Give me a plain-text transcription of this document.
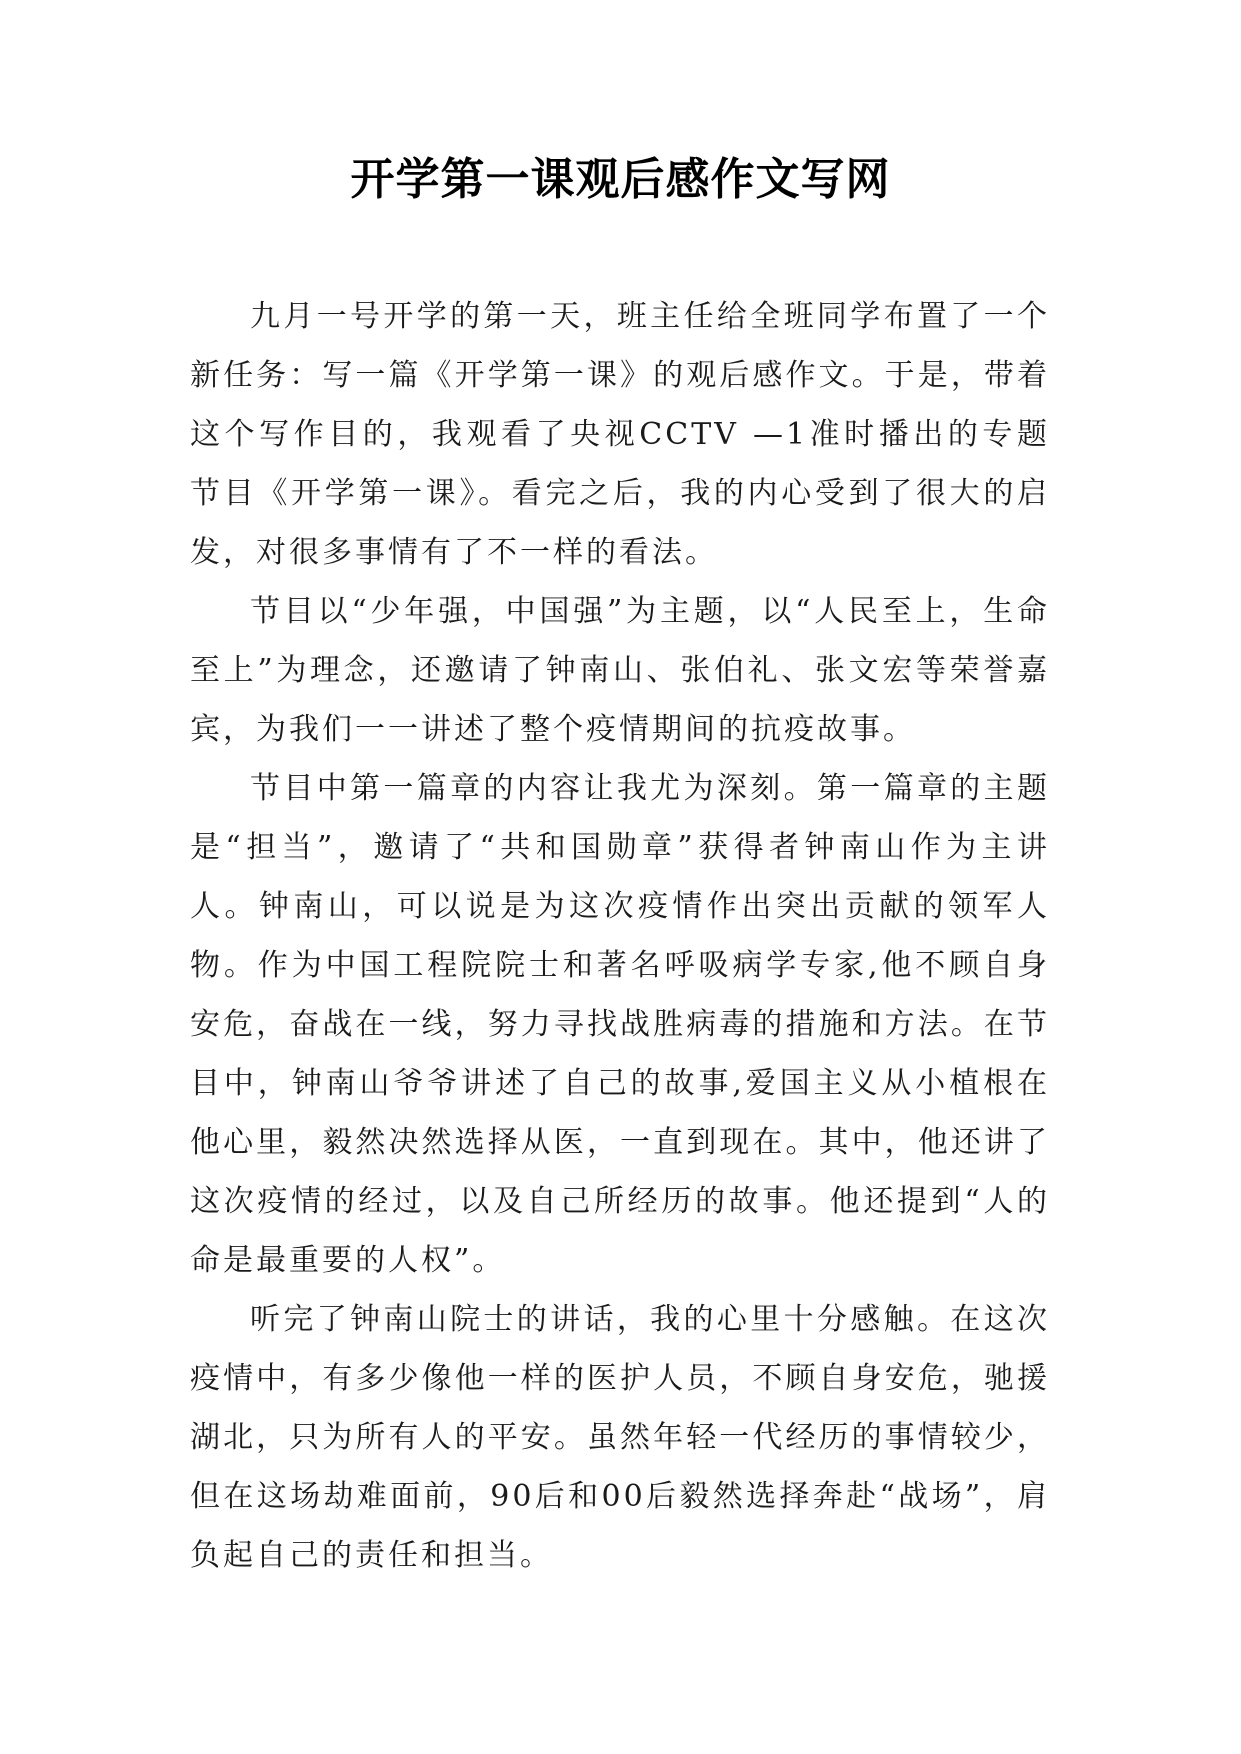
开学第一课观后感作文写网

九月一号开学的第一天，班主任给全班同学布置了一个新任务：写一篇《开学第一课》的观后感作文。于是，带着这个写作目的，我观看了央视CCTV —1准时播出的专题节目《开学第一课》。看完之后，我的内心受到了很大的启发，对很多事情有了不一样的看法。

节目以“少年强，中国强”为主题，以“人民至上，生命至上”为理念，还邀请了钟南山、张伯礼、张文宏等荣誉嘉宾，为我们一一讲述了整个疫情期间的抗疫故事。

节目中第一篇章的内容让我尤为深刻。第一篇章的主题是“担当”，邀请了“共和国勋章”获得者钟南山作为主讲人。钟南山，可以说是为这次疫情作出突出贡献的领军人物。作为中国工程院院士和著名呼吸病学专家,他不顾自身安危，奋战在一线，努力寻找战胜病毒的措施和方法。在节目中，钟南山爷爷讲述了自己的故事,爱国主义从小植根在他心里，毅然决然选择从医，一直到现在。其中，他还讲了这次疫情的经过，以及自己所经历的故事。他还提到“人的命是最重要的人权”。

听完了钟南山院士的讲话，我的心里十分感触。在这次疫情中，有多少像他一样的医护人员，不顾自身安危，驰援湖北，只为所有人的平安。虽然年轻一代经历的事情较少，但在这场劫难面前，90后和00后毅然选择奔赴“战场”，肩负起自己的责任和担当。
